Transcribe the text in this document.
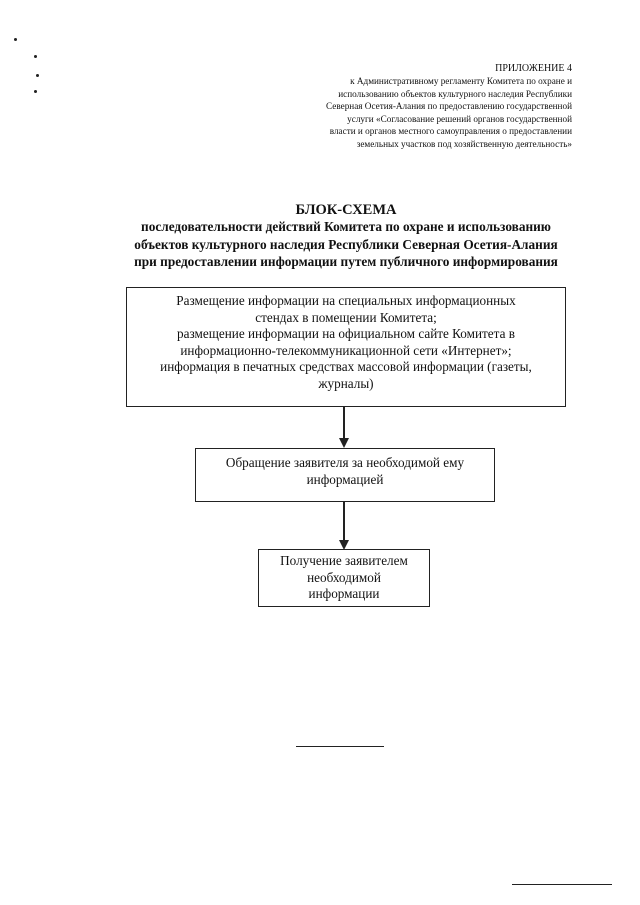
ПРИЛОЖЕНИЕ 4
к Административному регламенту Комитета по охране и
использованию объектов культурного наследия Республики
Северная Осетия-Алания по предоставлению государственной
услуги «Согласование решений органов государственной
власти и органов местного самоуправления о предоставлении
земельных участков под хозяйственную деятельность»
БЛОК-СХЕМА
последовательности действий Комитета по охране и использованию
объектов культурного наследия Республики Северная Осетия-Алания
при предоставлении информации путем публичного информирования
Размещение информации на специальных информационных
стендах в помещении Комитета;
размещение информации на официальном сайте Комитета в
информационно-телекоммуникационной сети «Интернет»;
информация в печатных средствах массовой информации (газеты,
журналы)
Обращение заявителя за необходимой ему
информацией
Получение заявителем
необходимой
информации
